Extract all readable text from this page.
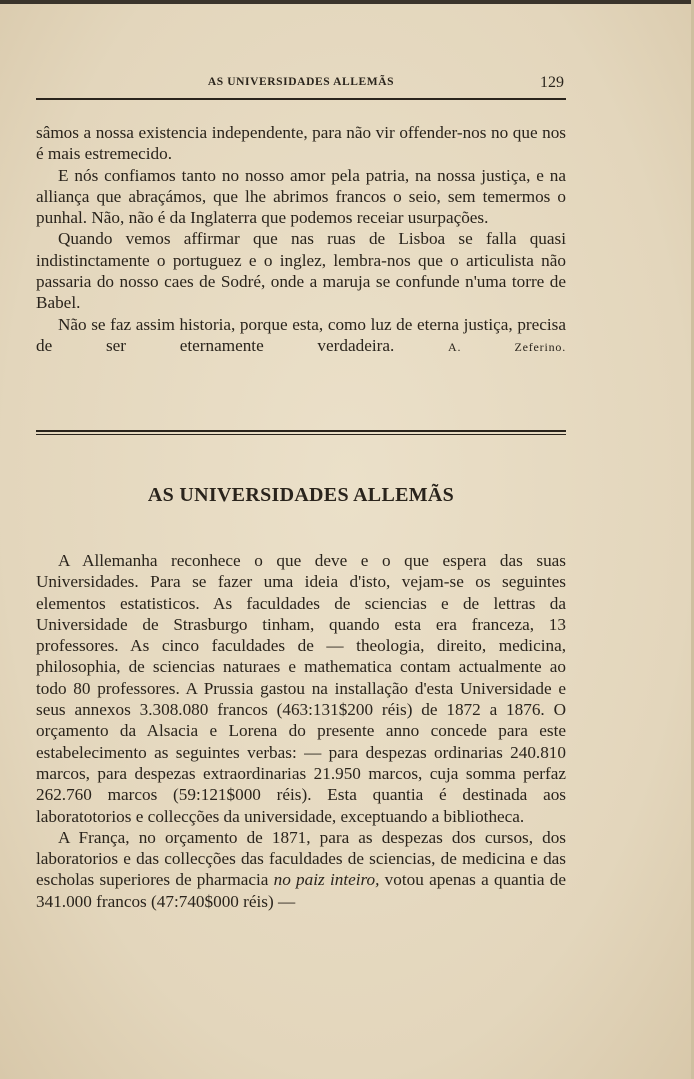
AS UNIVERSIDADES ALLEMÃS	129

sâmos a nossa existencia independente, para não vir offender-nos no que nos é mais estremecido.

E nós confiamos tanto no nosso amor pela patria, na nossa justiça, e na alliança que abraçámos, que lhe abrimos francos o seio, sem temermos o punhal. Não, não é da Inglaterra que podemos receiar usurpações.

Quando vemos affirmar que nas ruas de Lisboa se falla quasi indistinctamente o portuguez e o inglez, lembra-nos que o articulista não passaria do nosso caes de Sodré, onde a maruja se confunde n'uma torre de Babel.

Não se faz assim historia, porque esta, como luz de eterna justiça, precisa de ser eternamente verdadeira.	A. Zeferino.

AS UNIVERSIDADES ALLEMÃS

A Allemanha reconhece o que deve e o que espera das suas Universidades. Para se fazer uma ideia d'isto, vejam-se os seguintes elementos estatisticos. As faculdades de sciencias e de lettras da Universidade de Strasburgo tinham, quando esta era franceza, 13 professores. As cinco faculdades de — theologia, direito, medicina, philosophia, de sciencias naturaes e mathematica contam actualmente ao todo 80 professores. A Prussia gastou na installação d'esta Universidade e seus annexos 3.308.080 francos (463:131$200 réis) de 1872 a 1876. O orçamento da Alsacia e Lorena do presente anno concede para este estabelecimento as seguintes verbas: — para despezas ordinarias 240.810 marcos, para despezas extraordinarias 21.950 marcos, cuja somma perfaz 262.760 marcos (59:121$000 réis). Esta quantia é destinada aos laboratotorios e collecções da universidade, exceptuando a bibliotheca.

A França, no orçamento de 1871, para as despezas dos cursos, dos laboratorios e das collecções das faculdades de sciencias, de medicina e das escholas superiores de pharmacia no paiz inteiro, votou apenas a quantia de 341.000 francos (47:740$000 réis) —
